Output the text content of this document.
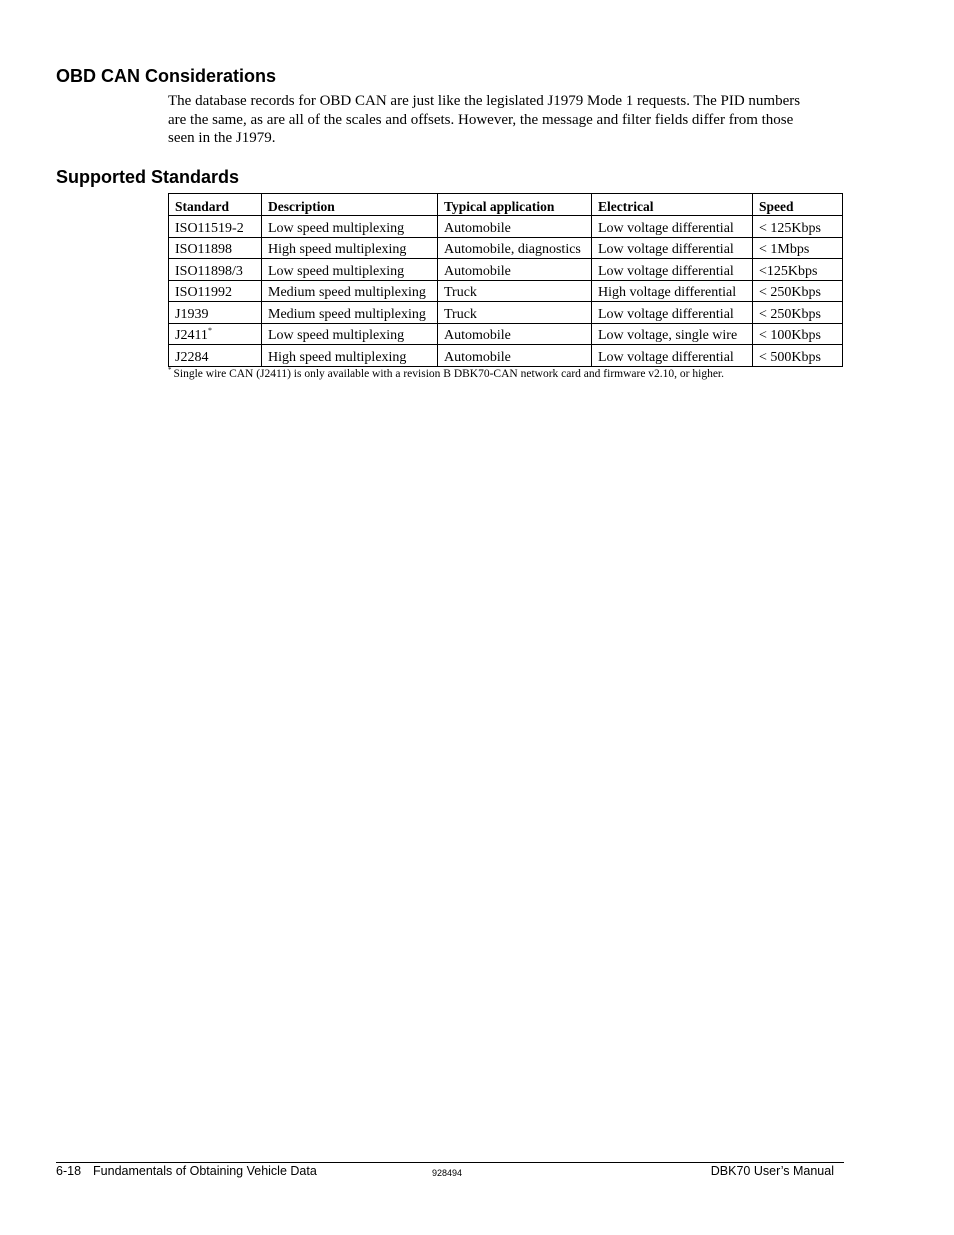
OBD CAN Considerations

The database records for OBD CAN are just like the legislated J1979 Mode 1 requests. The PID numbers
are the same, as are all of the scales and offsets. However, the message and filter fields differ from those
seen in the J1979.

Supported Standards
Standard	Description	Typical application	Electrical	Speed
ISO11519-2	Low speed multiplexing	Automobile	Low voltage differential	< 125Kbps
ISO11898	High speed multiplexing	Automobile, diagnostics	Low voltage differential	< 1Mbps
ISO11898/3	Low speed multiplexing	Automobile	Low voltage differential	<125Kbps
ISO11992	Medium speed multiplexing	Truck	High voltage differential	< 250Kbps
J1939	Medium speed multiplexing	Truck	Low voltage differential	< 250Kbps
J2411*	Low speed multiplexing	Automobile	Low voltage, single wire	< 100Kbps
J2284	High speed multiplexing	Automobile	Low voltage differential	< 500Kbps

* Single wire CAN (J2411) is only available with a revision B DBK70-CAN network card and firmware v2.10, or higher.

6-18 Fundamentals of Obtaining Vehicle Data	928494	DBK70 User’s Manual
